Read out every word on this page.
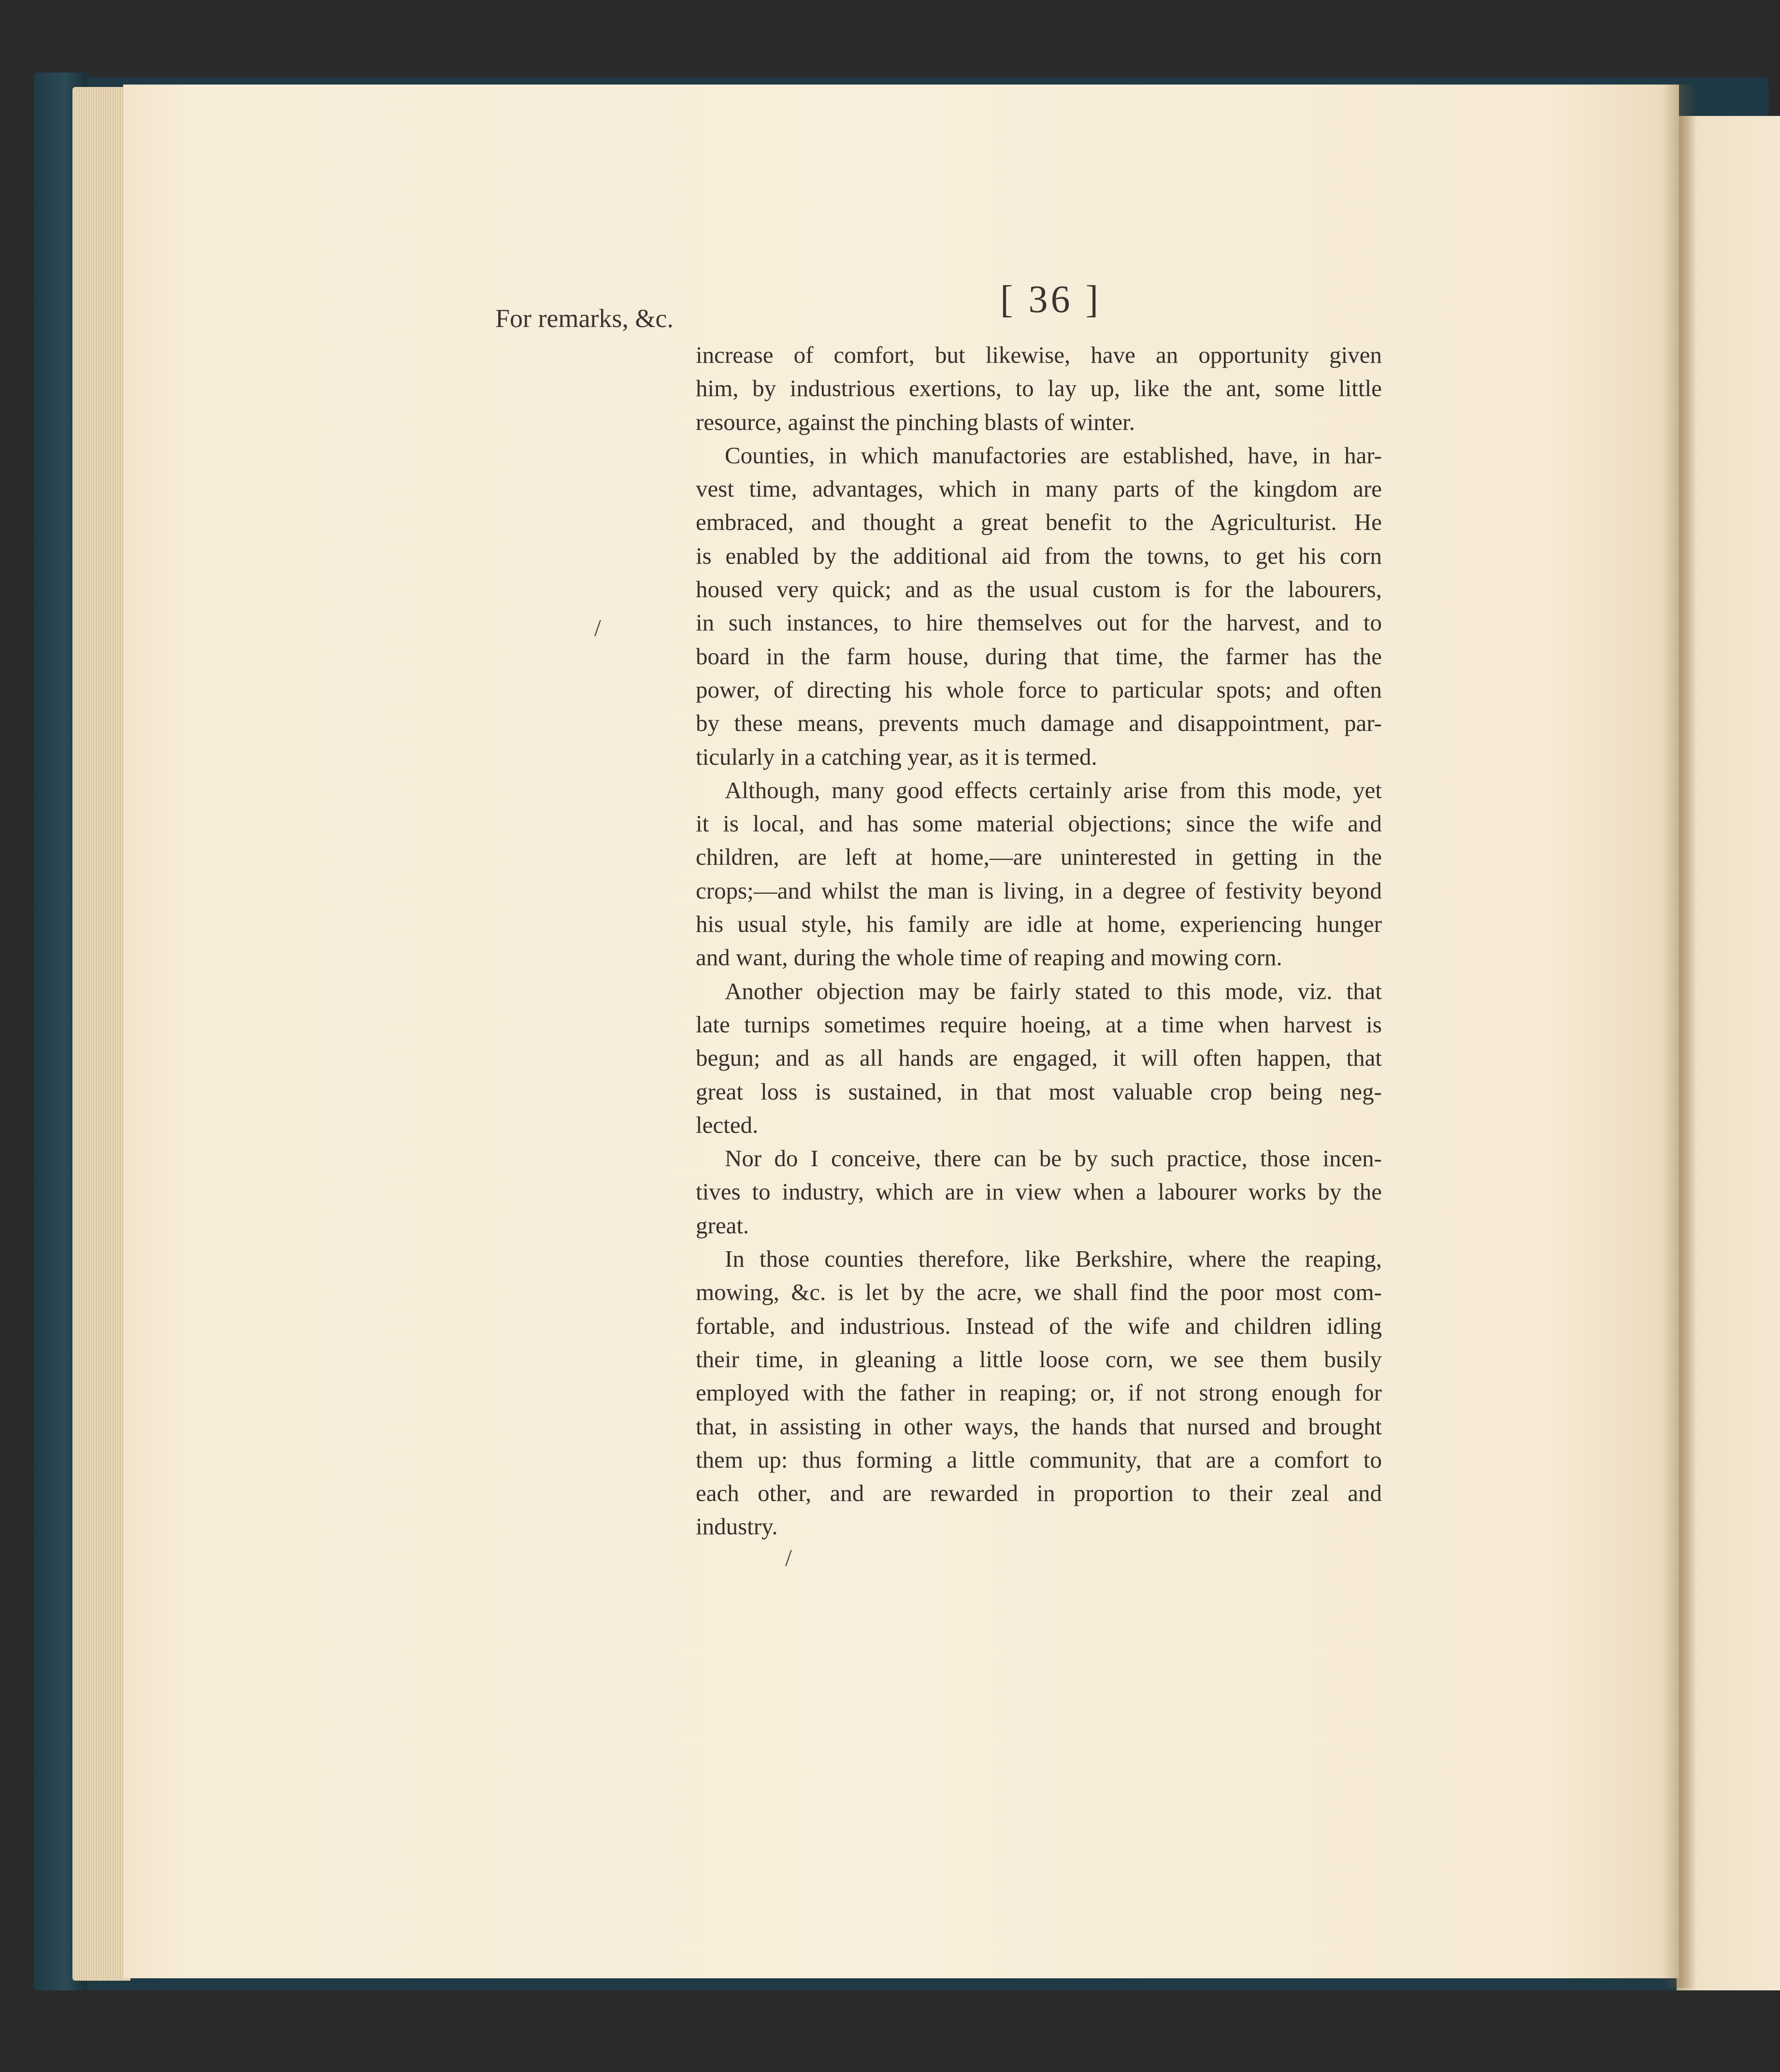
For remarks, &c.	[ 36 ]
increase of comfort, but likewise, have an opportunity given
him, by industrious exertions, to lay up, like the ant, some little
resource, against the pinching blasts of winter.
Counties, in which manufactories are established, have, in har-
vest time, advantages, which in many parts of the kingdom are
embraced, and thought a great benefit to the Agriculturist. He
is enabled by the additional aid from the towns, to get his corn
housed very quick; and as the usual custom is for the labourers,
in such instances, to hire themselves out for the harvest, and to
board in the farm house, during that time, the farmer has the
power, of directing his whole force to particular spots; and often
by these means, prevents much damage and disappointment, par-
ticularly in a catching year, as it is termed.
Although, many good effects certainly arise from this mode, yet
it is local, and has some material objections; since the wife and
children, are left at home,—are uninterested in getting in the
crops;—and whilst the man is living, in a degree of festivity beyond
his usual style, his family are idle at home, experiencing hunger
and want, during the whole time of reaping and mowing corn.
Another objection may be fairly stated to this mode, viz. that
late turnips sometimes require hoeing, at a time when harvest is
begun; and as all hands are engaged, it will often happen, that
great loss is sustained, in that most valuable crop being neg-
lected.
Nor do I conceive, there can be by such practice, those incen-
tives to industry, which are in view when a labourer works by the
great.
In those counties therefore, like Berkshire, where the reaping,
mowing, &c. is let by the acre, we shall find the poor most com-
fortable, and industrious. Instead of the wife and children idling
their time, in gleaning a little loose corn, we see them busily
employed with the father in reaping; or, if not strong enough for
that, in assisting in other ways, the hands that nursed and brought
them up: thus forming a little community, that are a comfort to
each other, and are rewarded in proportion to their zeal and
industry.
/
/
